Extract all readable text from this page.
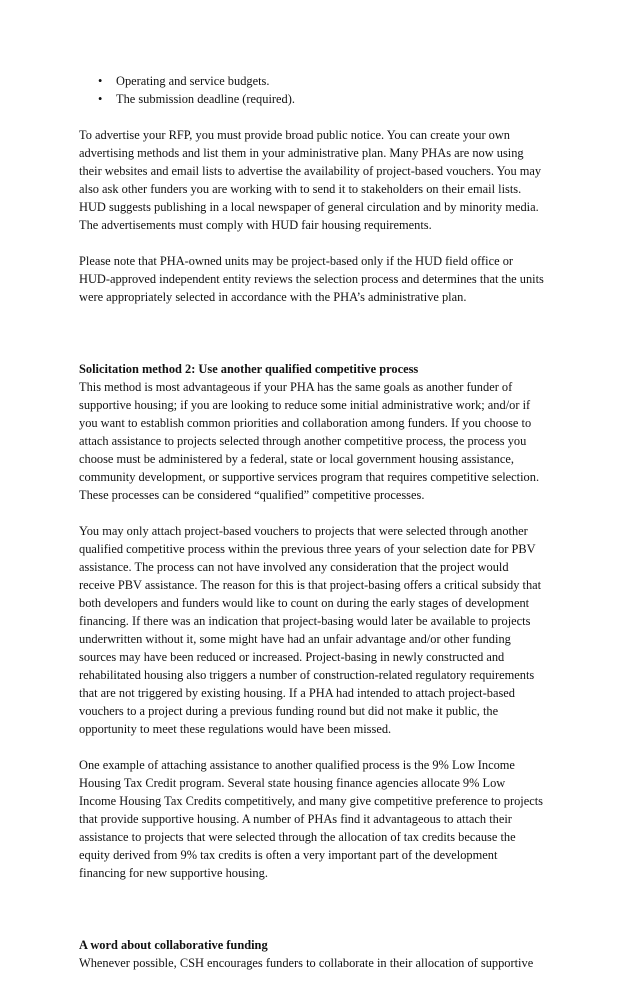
• Operating and service budgets.
• The submission deadline (required).
To advertise your RFP, you must provide broad public notice. You can create your own
advertising methods and list them in your administrative plan. Many PHAs are now using
their websites and email lists to advertise the availability of project-based vouchers. You may
also ask other funders you are working with to send it to stakeholders on their email lists.
HUD suggests publishing in a local newspaper of general circulation and by minority media.
The advertisements must comply with HUD fair housing requirements.
Please note that PHA-owned units may be project-based only if the HUD field office or
HUD-approved independent entity reviews the selection process and determines that the units
were appropriately selected in accordance with the PHA’s administrative plan.
Solicitation method 2: Use another qualified competitive process
This method is most advantageous if your PHA has the same goals as another funder of
supportive housing; if you are looking to reduce some initial administrative work; and/or if
you want to establish common priorities and collaboration among funders. If you choose to
attach assistance to projects selected through another competitive process, the process you
choose must be administered by a federal, state or local government housing assistance,
community development, or supportive services program that requires competitive selection.
These processes can be considered “qualified” competitive processes.
You may only attach project-based vouchers to projects that were selected through another
qualified competitive process within the previous three years of your selection date for PBV
assistance. The process can not have involved any consideration that the project would
receive PBV assistance. The reason for this is that project-basing offers a critical subsidy that
both developers and funders would like to count on during the early stages of development
financing. If there was an indication that project-basing would later be available to projects
underwritten without it, some might have had an unfair advantage and/or other funding
sources may have been reduced or increased. Project-basing in newly constructed and
rehabilitated housing also triggers a number of construction-related regulatory requirements
that are not triggered by existing housing. If a PHA had intended to attach project-based
vouchers to a project during a previous funding round but did not make it public, the
opportunity to meet these regulations would have been missed.
One example of attaching assistance to another qualified process is the 9% Low Income
Housing Tax Credit program. Several state housing finance agencies allocate 9% Low
Income Housing Tax Credits competitively, and many give competitive preference to projects
that provide supportive housing. A number of PHAs find it advantageous to attach their
assistance to projects that were selected through the allocation of tax credits because the
equity derived from 9% tax credits is often a very important part of the development
financing for new supportive housing.
A word about collaborative funding
Whenever possible, CSH encourages funders to collaborate in their allocation of supportive
